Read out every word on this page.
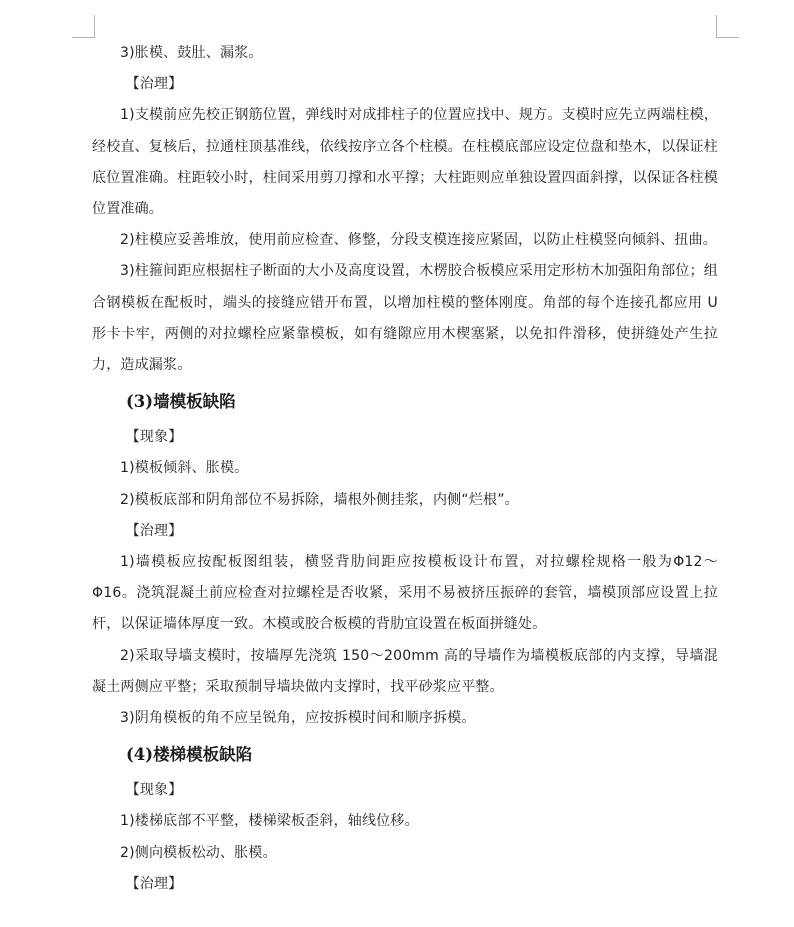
3)胀模、鼓肚、漏浆。

【治理】

1)支模前应先校正钢筋位置，弹线时对成排柱子的位置应找中、规方。支模时应先立两端柱模，经校直、复核后，拉通柱顶基准线，依线按序立各个柱模。在柱模底部应设定位盘和垫木，以保证柱底位置准确。柱距较小时，柱间采用剪刀撑和水平撑；大柱距则应单独设置四面斜撑，以保证各柱模位置准确。

2)柱模应妥善堆放，使用前应检查、修整，分段支模连接应紧固，以防止柱模竖向倾斜、扭曲。

3)柱箍间距应根据柱子断面的大小及高度设置，木楞胶合板模应采用定形枋木加强阳角部位；组合钢模板在配板时，端头的接缝应错开布置，以增加柱模的整体刚度。角部的每个连接孔都应用 U 形卡卡牢，两侧的对拉螺栓应紧靠模板，如有缝隙应用木楔塞紧，以免扣件滑移，使拼缝处产生拉力，造成漏浆。

(3)墙模板缺陷

【现象】

1)模板倾斜、胀模。

2)模板底部和阴角部位不易拆除，墙根外侧挂浆，内侧“烂根”。

【治理】

1)墙模板应按配板图组装，横竖背肋间距应按模板设计布置，对拉螺栓规格一般为Φ12～Φ16。浇筑混凝土前应检查对拉螺栓是否收紧，采用不易被挤压振碎的套管，墙模顶部应设置上拉杆，以保证墙体厚度一致。木模或胶合板模的背肋宜设置在板面拼缝处。

2)采取导墙支模时，按墙厚先浇筑 150～200mm 高的导墙作为墙模板底部的内支撑，导墙混凝土两侧应平整；采取预制导墙块做内支撑时，找平砂浆应平整。

3)阴角模板的角不应呈锐角，应按拆模时间和顺序拆模。

(4)楼梯模板缺陷

【现象】

1)楼梯底部不平整，楼梯梁板歪斜，轴线位移。

2)侧向模板松动、胀模。

【治理】
